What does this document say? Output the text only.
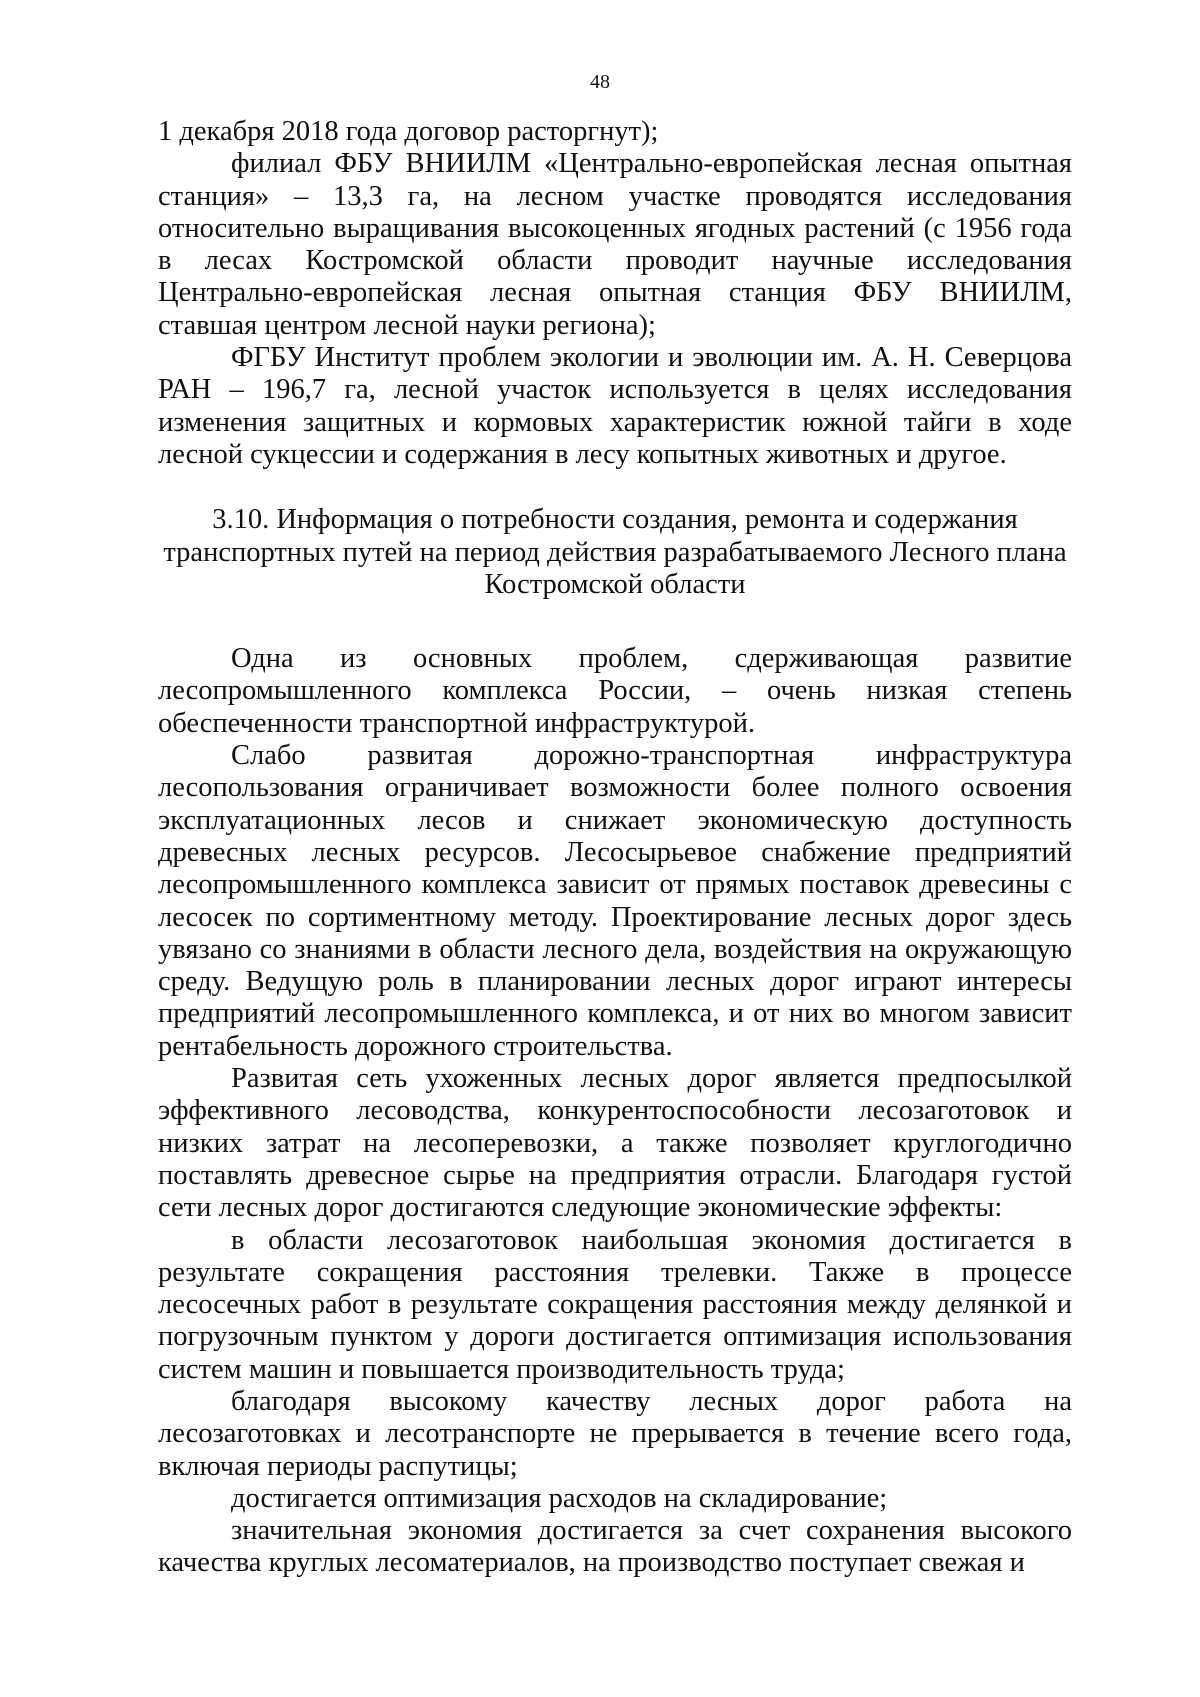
48

1 декабря 2018 года договор расторгнут);

филиал ФБУ ВНИИЛМ «Центрально-европейская лесная опытная станция» – 13,3 га, на лесном участке проводятся исследования относительно выращивания высокоценных ягодных растений (с 1956 года в лесах Костромской области проводит научные исследования Центрально-европейская лесная опытная станция ФБУ ВНИИЛМ, ставшая центром лесной науки региона);

ФГБУ Институт проблем экологии и эволюции им. А. Н. Северцова РАН – 196,7 га, лесной участок используется в целях исследования изменения защитных и кормовых характеристик южной тайги в ходе лесной сукцессии и содержания в лесу копытных животных и другое.

3.10. Информация о потребности создания, ремонта и содержания транспортных путей на период действия разрабатываемого Лесного плана Костромской области

Одна из основных проблем, сдерживающая развитие лесопромышленного комплекса России, – очень низкая степень обеспеченности транспортной инфраструктурой.

Слабо развитая дорожно-транспортная инфраструктура лесопользования ограничивает возможности более полного освоения эксплуатационных лесов и снижает экономическую доступность древесных лесных ресурсов. Лесосырьевое снабжение предприятий лесопромышленного комплекса зависит от прямых поставок древесины с лесосек по сортиментному методу. Проектирование лесных дорог здесь увязано со знаниями в области лесного дела, воздействия на окружающую среду. Ведущую роль в планировании лесных дорог играют интересы предприятий лесопромышленного комплекса, и от них во многом зависит рентабельность дорожного строительства.

Развитая сеть ухоженных лесных дорог является предпосылкой эффективного лесоводства, конкурентоспособности лесозаготовок и низких затрат на лесоперевозки, а также позволяет круглогодично поставлять древесное сырье на предприятия отрасли. Благодаря густой сети лесных дорог достигаются следующие экономические эффекты:

в области лесозаготовок наибольшая экономия достигается в результате сокращения расстояния трелевки. Также в процессе лесосечных работ в результате сокращения расстояния между делянкой и погрузочным пунктом у дороги достигается оптимизация использования систем машин и повышается производительность труда;

благодаря высокому качеству лесных дорог работа на лесозаготовках и лесотранспорте не прерывается в течение всего года, включая периоды распутицы;

достигается оптимизация расходов на складирование;

значительная экономия достигается за счет сохранения высокого качества круглых лесоматериалов, на производство поступает свежая и
